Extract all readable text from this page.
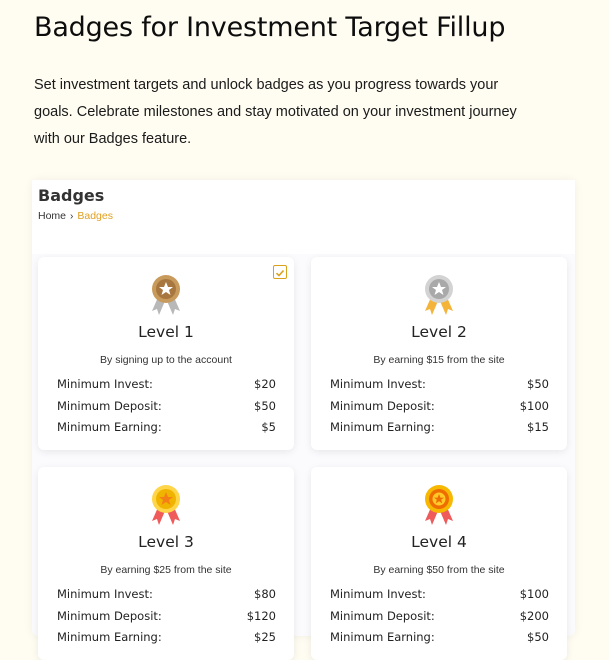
Badges for Investment Target Fillup

Set investment targets and unlock badges as you progress towards your goals. Celebrate milestones and stay motivated on your investment journey with our Badges feature.

Badges
Home › Badges
Level 1
By signing up to the account
Minimum Invest:	$20
Minimum Deposit:	$50
Minimum Earning:	$5
Level 2
By earning $15 from the site
Minimum Invest:	$50
Minimum Deposit:	$100
Minimum Earning:	$15
Level 3
By earning $25 from the site
Minimum Invest:	$80
Minimum Deposit:	$120
Minimum Earning:	$25
Level 4
By earning $50 from the site
Minimum Invest:	$100
Minimum Deposit:	$200
Minimum Earning:	$50
